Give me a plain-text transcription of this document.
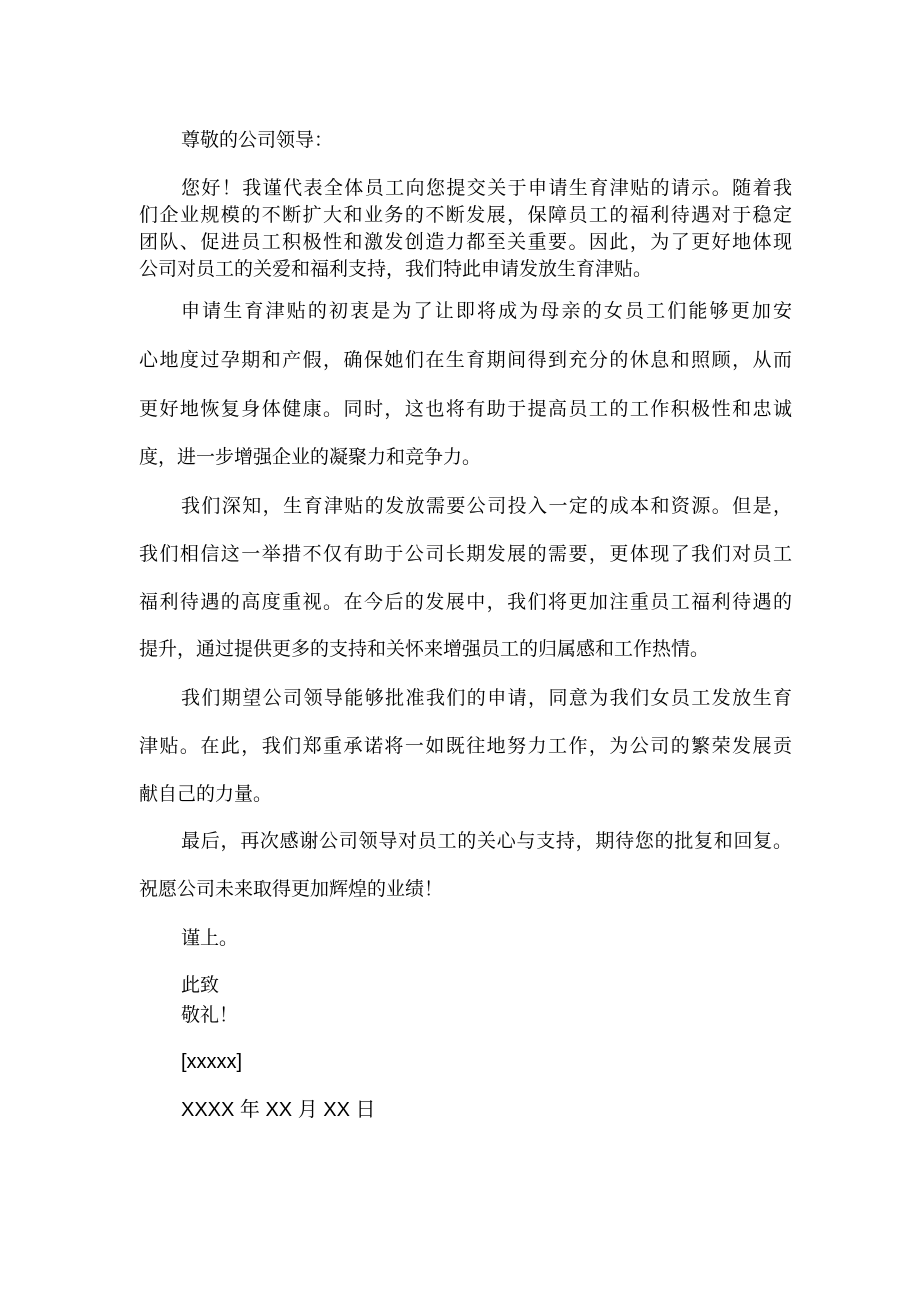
尊敬的公司领导：

您好！我谨代表全体员工向您提交关于申请生育津贴的请示。随着我

们企业规模的不断扩大和业务的不断发展，保障员工的福利待遇对于稳定

团队、促进员工积极性和激发创造力都至关重要。因此，为了更好地体现

公司对员工的关爱和福利支持，我们特此申请发放生育津贴。

申请生育津贴的初衷是为了让即将成为母亲的女员工们能够更加安

心地度过孕期和产假，确保她们在生育期间得到充分的休息和照顾，从而

更好地恢复身体健康。同时，这也将有助于提高员工的工作积极性和忠诚

度，进一步增强企业的凝聚力和竞争力。

我们深知，生育津贴的发放需要公司投入一定的成本和资源。但是，

我们相信这一举措不仅有助于公司长期发展的需要，更体现了我们对员工

福利待遇的高度重视。在今后的发展中，我们将更加注重员工福利待遇的

提升，通过提供更多的支持和关怀来增强员工的归属感和工作热情。

我们期望公司领导能够批准我们的申请，同意为我们女员工发放生育

津贴。在此，我们郑重承诺将一如既往地努力工作，为公司的繁荣发展贡

献自己的力量。

最后，再次感谢公司领导对员工的关心与支持，期待您的批复和回复。

祝愿公司未来取得更加辉煌的业绩！

谨上。

此致

敬礼！

[xxxxx]

XXXX 年 XX 月 XX 日
